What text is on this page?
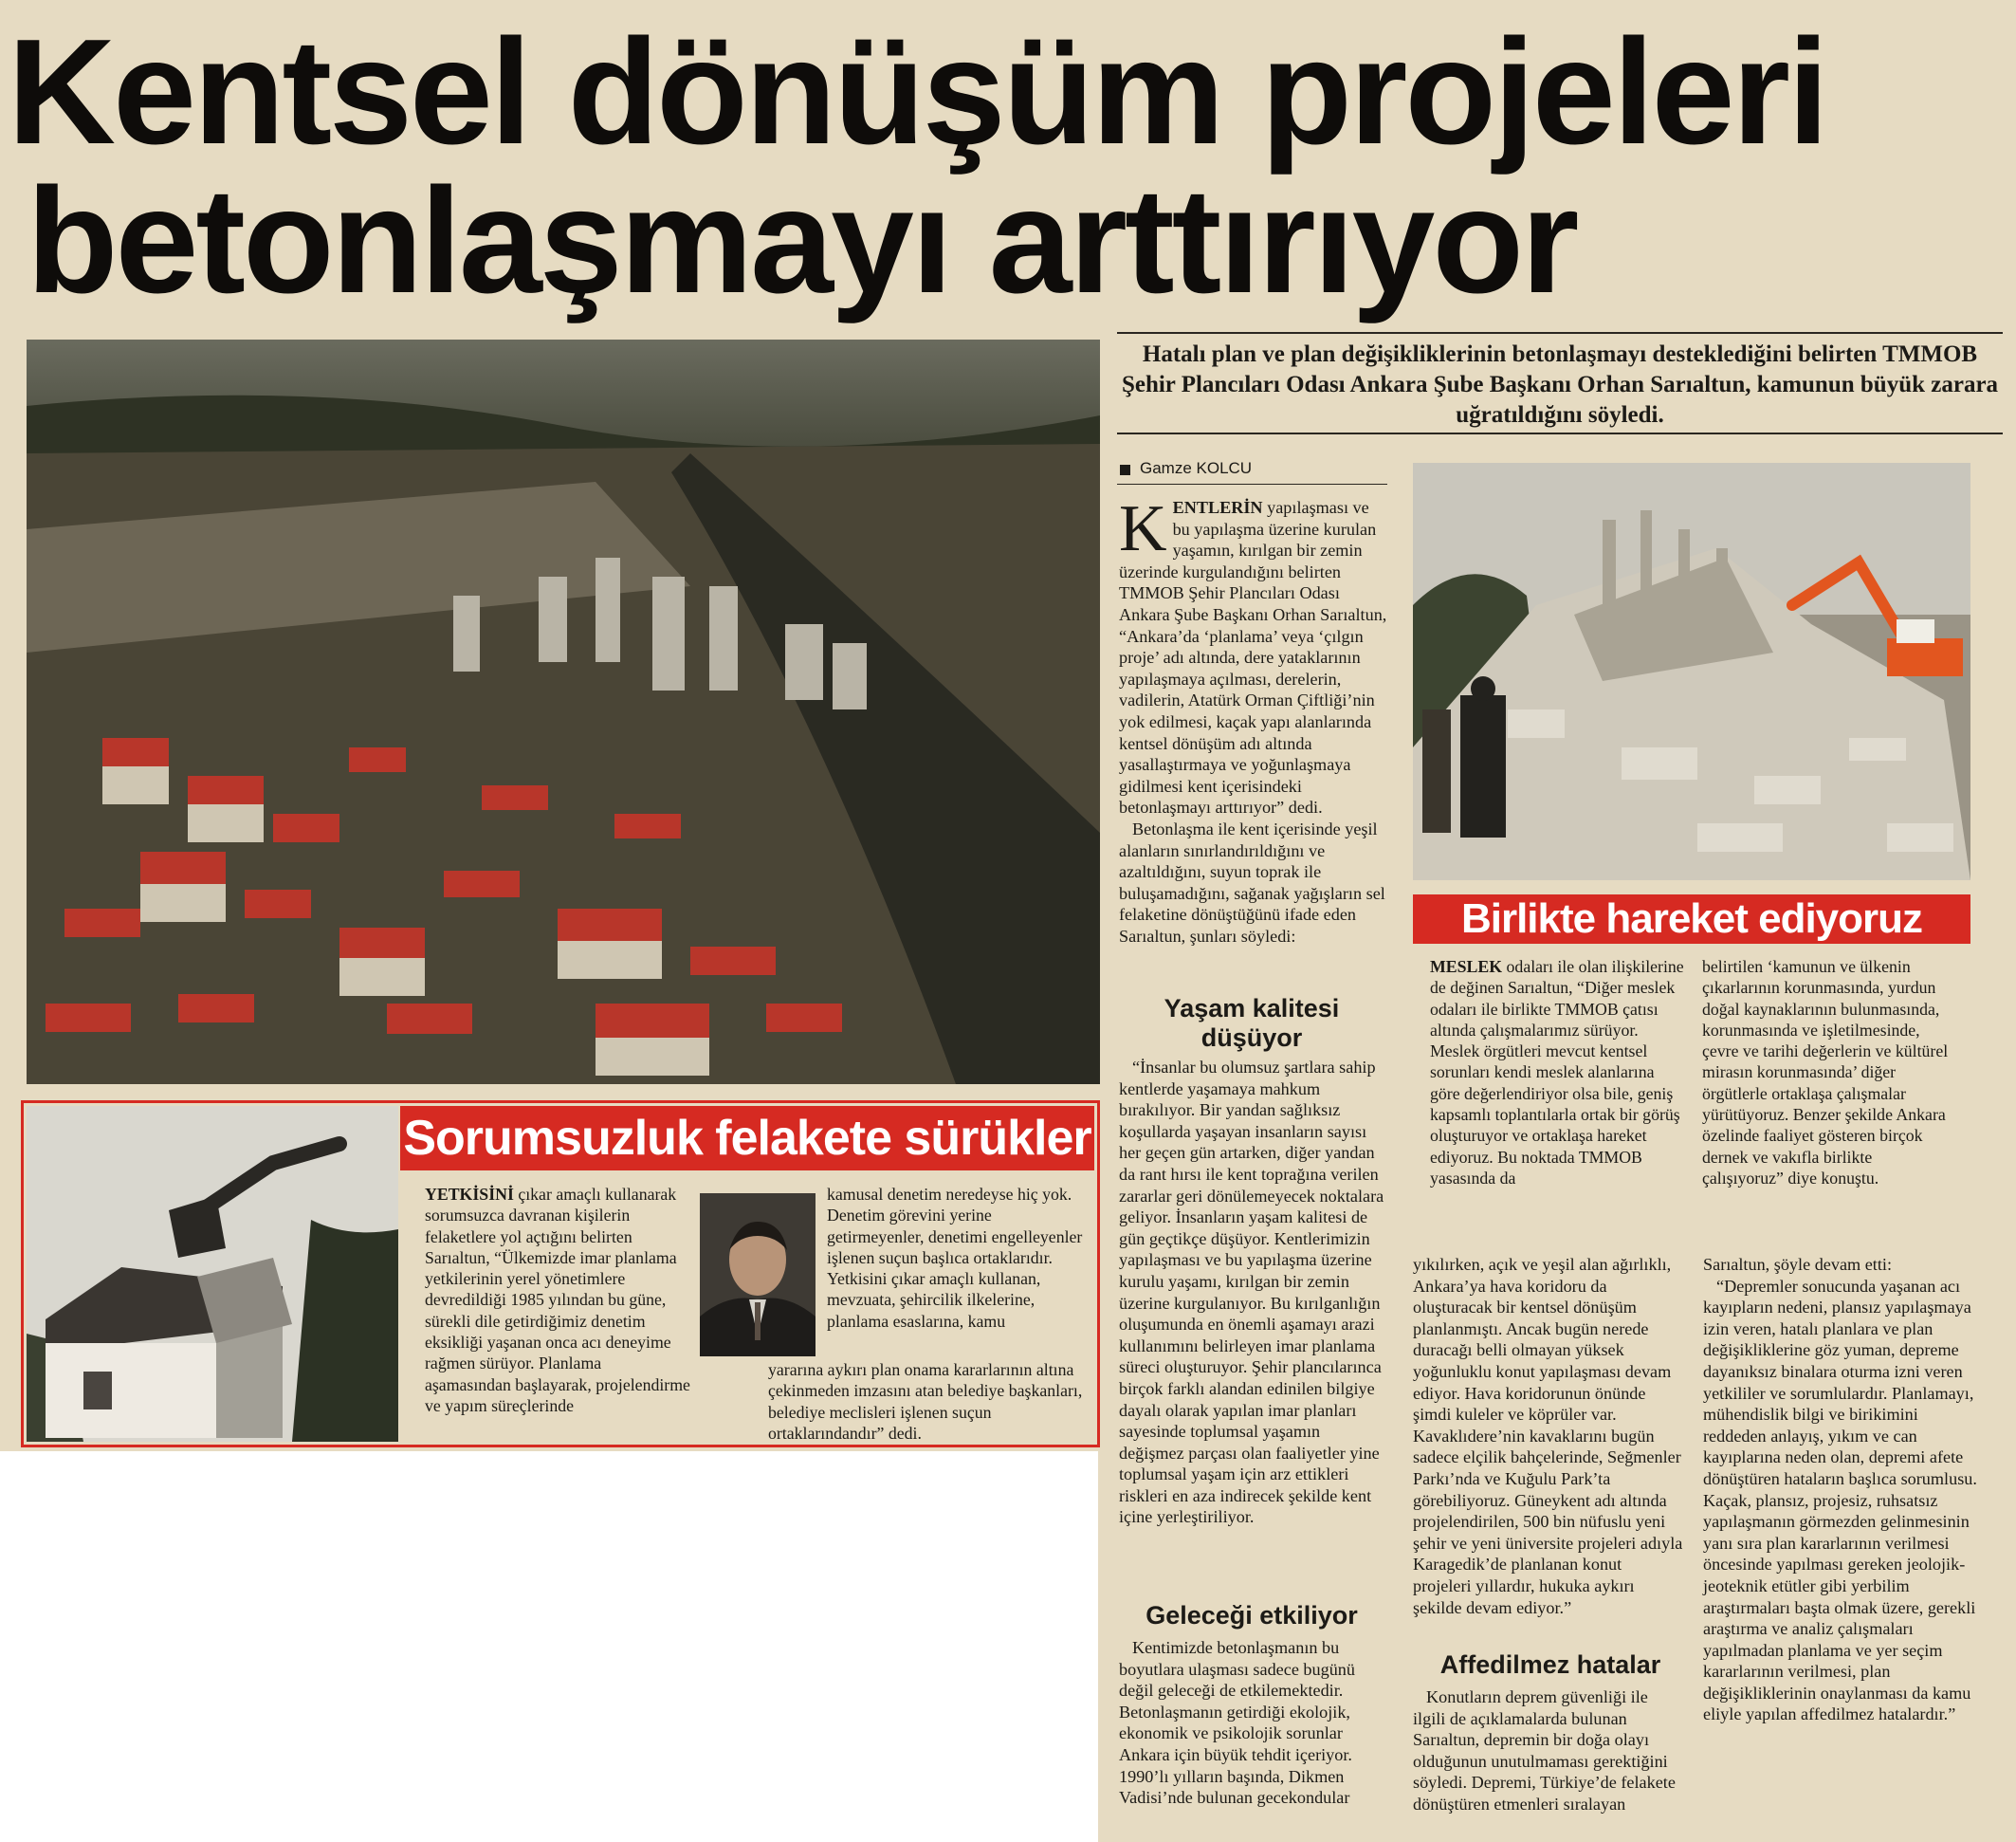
Kentsel dönüşüm projeleri
betonlaşmayı arttırıyor
Hatalı plan ve plan değişikliklerinin betonlaşmayı desteklediğini belirten TMMOB Şehir Plancıları Odası Ankara Şube Başkanı Orhan Sarıaltun, kamunun büyük zarara uğratıldığını söyledi.
Gamze KOLCU

KENTLERİN yapılaşması ve bu yapılaşma üzerine kurulan yaşamın, kırılgan bir zemin üzerinde kurgulandığını belirten TMMOB Şehir Plancıları Odası Ankara Şube Başkanı Orhan Sarıaltun, “Ankara’da ‘planlama’ veya ‘çılgın proje’ adı altında, dere yataklarının yapılaşmaya açılması, derelerin, vadilerin, Atatürk Orman Çiftliği’nin yok edilmesi, kaçak yapı alanlarında kentsel dönüşüm adı altında yasallaştırmaya ve yoğunlaşmaya gidilmesi kent içerisindeki betonlaşmayı arttırıyor” dedi.

Betonlaşma ile kent içerisinde yeşil alanların sınırlandırıldığını ve azaltıldığını, suyun toprak ile buluşamadığını, sağanak yağışların sel felaketine dönüştüğünü ifade eden Sarıaltun, şunları söyledi:

Yaşam kalitesi düşüyor

“İnsanlar bu olumsuz şartlara sahip kentlerde yaşamaya mahkum bırakılıyor. Bir yandan sağlıksız koşullarda yaşayan insanların sayısı her geçen gün artarken, diğer yandan da rant hırsı ile kent toprağına verilen zararlar geri dönülemeyecek noktalara geliyor. İnsanların yaşam kalitesi de gün geçtikçe düşüyor. Kentlerimizin yapılaşması ve bu yapılaşma üzerine kurulu yaşamı, kırılgan bir zemin üzerine kurgulanıyor. Bu kırılganlığın oluşumunda en önemli aşamayı arazi kullanımını belirleyen imar planlama süreci oluşturuyor. Şehir plancılarınca birçok farklı alandan edinilen bilgiye dayalı olarak yapılan imar planları sayesinde toplumsal yaşamın değişmez parçası olan faaliyetler yine toplumsal yaşam için arz ettikleri riskleri en aza indirecek şekilde kent içine yerleştiriliyor.

Geleceği etkiliyor

Kentimizde betonlaşmanın bu boyutlara ulaşması sadece bugünü değil geleceği de etkilemektedir. Betonlaşmanın getirdiği ekolojik, ekonomik ve psikolojik sorunlar Ankara için büyük tehdit içeriyor. 1990’lı yılların başında, Dikmen Vadisi’nde bulunan gecekondular

Birlikte hareket ediyoruz

MESLEK odaları ile olan ilişkilerine de değinen Sarıaltun, “Diğer meslek odaları ile birlikte TMMOB çatısı altında çalışmalarımız sürüyor. Meslek örgütleri mevcut kentsel sorunları kendi meslek alanlarına göre değerlendiriyor olsa bile, geniş kapsamlı toplantılarla ortak bir görüş oluşturuyor ve ortaklaşa hareket ediyoruz. Bu noktada TMMOB yasasında da

belirtilen ‘kamunun ve ülkenin çıkarlarının korunmasında, yurdun doğal kaynaklarının bulunmasında, korunmasında ve işletilmesinde, çevre ve tarihi değerlerin ve kültürel mirasın korunmasında’ diğer örgütlerle ortaklaşa çalışmalar yürütüyoruz. Benzer şekilde Ankara özelinde faaliyet gösteren birçok dernek ve vakıfla birlikte çalışıyoruz” diye konuştu.

yıkılırken, açık ve yeşil alan ağırlıklı, Ankara’ya hava koridoru da oluşturacak bir kentsel dönüşüm planlanmıştı. Ancak bugün nerede duracağı belli olmayan yüksek yoğunluklu konut yapılaşması devam ediyor. Hava koridorunun önünde şimdi kuleler ve köprüler var. Kavaklıdere’nin kavaklarını bugün sadece elçilik bahçelerinde, Seğmenler Parkı’nda ve Kuğulu Park’ta görebiliyoruz. Güneykent adı altında projelendirilen, 500 bin nüfuslu yeni şehir ve yeni üniversite projeleri adıyla Karagedik’de planlanan konut projeleri yıllardır, hukuka aykırı şekilde devam ediyor.”

Affedilmez hatalar

Konutların deprem güvenliği ile ilgili de açıklamalarda bulunan Sarıaltun, depremin bir doğa olayı olduğunun unutulmaması gerektiğini söyledi. Depremi, Türkiye’de felakete dönüştüren etmenleri sıralayan

Sarıaltun, şöyle devam etti:

“Depremler sonucunda yaşanan acı kayıpların nedeni, plansız yapılaşmaya izin veren, hatalı planlara ve plan değişikliklerine göz yuman, depreme dayanıksız binalara oturma izni veren yetkililer ve sorumlulardır. Planlamayı, mühendislik bilgi ve birikimini reddeden anlayış, yıkım ve can kayıplarına neden olan, depremi afete dönüştüren hataların başlıca sorumlusu. Kaçak, plansız, projesiz, ruhsatsız yapılaşmanın görmezden gelinmesinin yanı sıra plan kararlarının verilmesi öncesinde yapılması gereken jeolojik-jeoteknik etütler gibi yerbilim araştırmaları başta olmak üzere, gerekli araştırma ve analiz çalışmaları yapılmadan planlama ve yer seçim kararlarının verilmesi, plan değişikliklerinin onaylanması da kamu eliyle yapılan affedilmez hatalardır.”

Sorumsuzluk felakete sürükler

YETKİSİNİ çıkar amaçlı kullanarak sorumsuzca davranan kişilerin felaketlere yol açtığını belirten Sarıaltun, “Ülkemizde imar planlama yetkilerinin yerel yönetimlere devredildiği 1985 yılından bu güne, sürekli dile getirdiğimiz denetim eksikliği yaşanan onca acı deneyime rağmen sürüyor. Planlama aşamasından başlayarak, projelendirme ve yapım süreçlerinde

kamusal denetim neredeyse hiç yok. Denetim görevini yerine getirmeyenler, denetimi engelleyenler işlenen suçun başlıca ortaklarıdır. Yetkisini çıkar amaçlı kullanan, mevzuata, şehircilik ilkelerine, planlama esaslarına, kamu

yararına aykırı plan onama kararlarının altına çekinmeden imzasını atan belediye başkanları, belediye meclisleri işlenen suçun ortaklarındandır” dedi.
